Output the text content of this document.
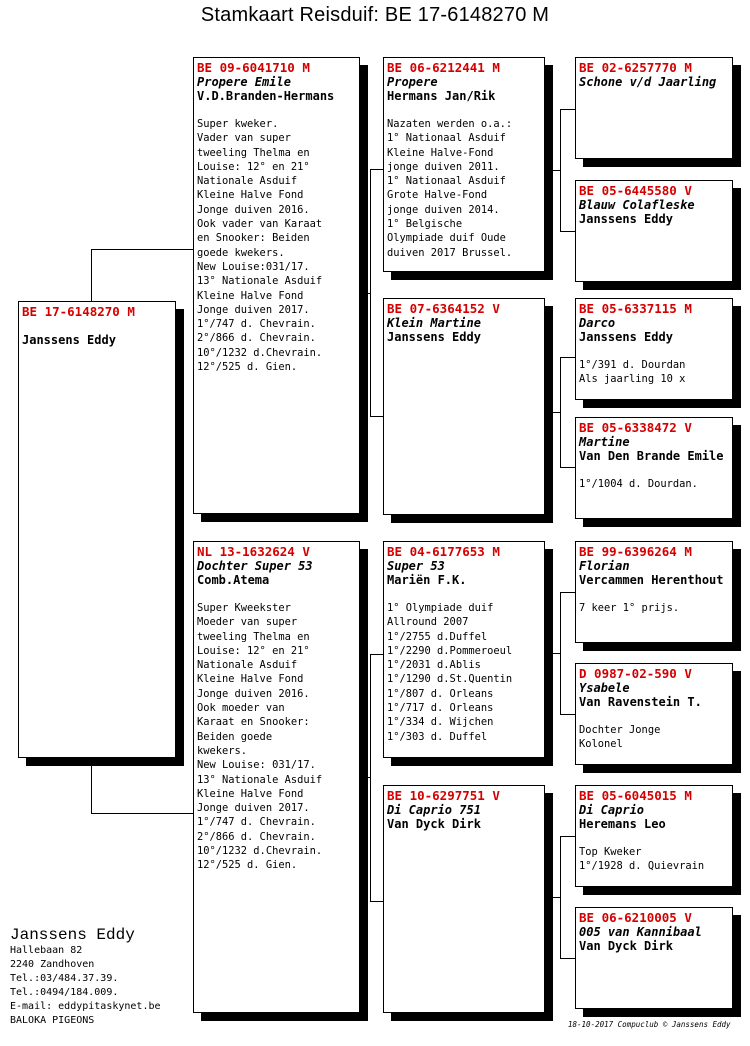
Stamkaart Reisduif: BE 17-6148270 M
BE 17-6148270 M
Janssens Eddy
BE 09-6041710 M
Propere Emile
V.D.Branden-Hermans
Super kweker.
Vader van super
tweeling Thelma en
Louise: 12° en 21°
Nationale Asduif
Kleine Halve Fond
Jonge duiven 2016.
Ook vader van Karaat
en Snooker: Beiden
goede kwekers.
New Louise:031/17.
13° Nationale Asduif
Kleine Halve Fond
Jonge duiven 2017.
1°/747 d. Chevrain.
2°/866 d. Chevrain.
10°/1232 d.Chevrain.
12°/525 d. Gien.
NL 13-1632624 V
Dochter Super 53
Comb.Atema
Super Kweekster
Moeder van super
tweeling Thelma en
Louise: 12° en 21°
Nationale Asduif
Kleine Halve Fond
Jonge duiven 2016.
Ook moeder van
Karaat en Snooker:
Beiden goede
kwekers.
New Louise: 031/17.
13° Nationale Asduif
Kleine Halve Fond
Jonge duiven 2017.
1°/747 d. Chevrain.
2°/866 d. Chevrain.
10°/1232 d.Chevrain.
12°/525 d. Gien.
BE 06-6212441 M
Propere
Hermans Jan/Rik
Nazaten werden o.a.:
1° Nationaal Asduif
Kleine Halve-Fond
jonge duiven 2011.
1° Nationaal Asduif
Grote Halve-Fond
jonge duiven 2014.
1° Belgische
Olympiade duif Oude
duiven 2017 Brussel.
BE 07-6364152 V
Klein Martine
Janssens Eddy
BE 04-6177653 M
Super 53
Mariën F.K.
1° Olympiade duif
Allround 2007
1°/2755 d.Duffel
1°/2290 d.Pommeroeul
1°/2031 d.Ablis
1°/1290 d.St.Quentin
1°/807 d. Orleans
1°/717 d. Orleans
1°/334 d. Wijchen
1°/303 d. Duffel
BE 10-6297751 V
Di Caprio 751
Van Dyck Dirk
BE 02-6257770 M
Schone v/d Jaarling
BE 05-6445580 V
Blauw Colafleske
Janssens Eddy
BE 05-6337115 M
Darco
Janssens Eddy
1°/391 d. Dourdan
Als jaarling 10 x
BE 05-6338472 V
Martine
Van Den Brande Emile
1°/1004 d. Dourdan.
BE 99-6396264 M
Florian
Vercammen Herenthout
7 keer 1° prijs.
D 0987-02-590 V
Ysabele
Van Ravenstein T.
Dochter Jonge
Kolonel
BE 05-6045015 M
Di Caprio
Heremans Leo
Top Kweker
1°/1928 d. Quievrain
BE 06-6210005 V
005 van Kannibaal
Van Dyck Dirk
Janssens Eddy
Hallebaan 82
2240 Zandhoven
Tel.:03/484.37.39.
Tel.:0494/184.009.
E-mail: eddypitaskynet.be
BALOKA PIGEONS	18-10-2017 Compuclub © Janssens Eddy
